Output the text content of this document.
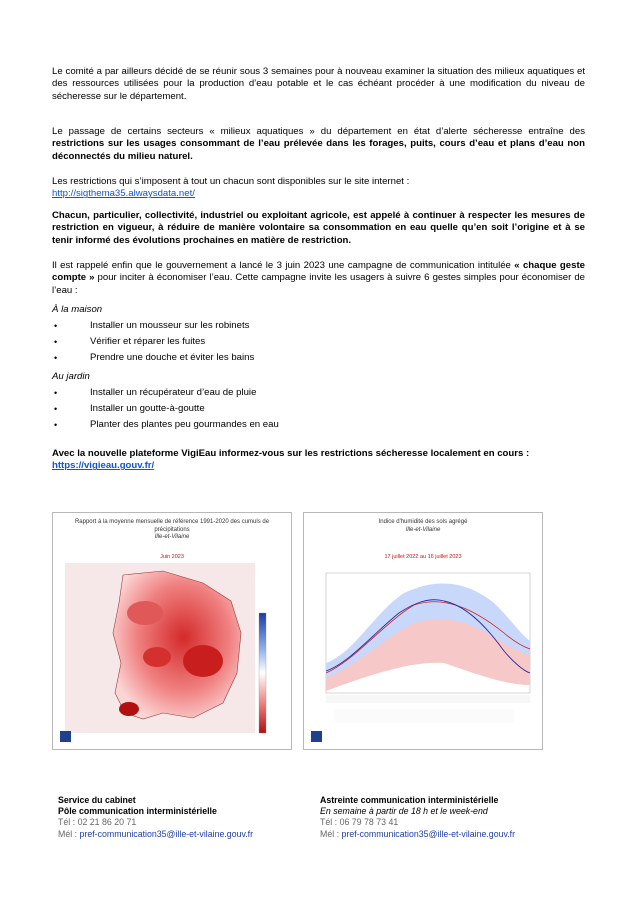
Le comité a par ailleurs décidé de se réunir sous 3 semaines pour à nouveau examiner la situation des milieux aquatiques et des ressources utilisées pour la production d’eau potable et le cas échéant procéder à une modification du niveau de sécheresse sur le département.

Le passage de certains secteurs « milieux aquatiques » du département en état d’alerte sécheresse entraîne des restrictions sur les usages consommant de l’eau prélevée dans les forages, puits, cours d’eau et plans d’eau non déconnectés du milieu naturel.

Les restrictions qui s’imposent à tout un chacun sont disponibles sur le site internet :
http://sigthema35.alwaysdata.net/

Chacun, particulier, collectivité, industriel ou exploitant agricole, est appelé à continuer à respecter les mesures de restriction en vigueur, à réduire de manière volontaire sa consommation en eau quelle qu’en soit l’origine et à se tenir informé des évolutions prochaines en matière de restriction.

Il est rappelé enfin que le gouvernement a lancé le 3 juin 2023 une campagne de communication intitulée « chaque geste compte » pour inciter à économiser l’eau. Cette campagne invite les usagers à suivre 6 gestes simples pour économiser de l’eau :

À la maison
•	Installer un mousseur sur les robinets
•	Vérifier et réparer les fuites
•	Prendre une douche et éviter les bains
Au jardin
•	Installer un récupérateur d’eau de pluie
•	Installer un goutte-à-goutte
•	Planter des plantes peu gourmandes en eau
Avec la nouvelle plateforme VigiEau informez-vous sur les restrictions sécheresse localement en cours :
https://vigieau.gouv.fr/
Rapport à la moyenne mensuelle de référence 1991-2020 des cumuls de précipitations
Ille-et-Vilaine
Juin 2023
Indice d'humidité des sols agrégé
Ille-et-Vilaine
17 juillet 2022 au 16 juillet 2023
Service du cabinet
Pôle communication interministérielle
Tél : 02 21 86 20 71
Mél : pref-communication35@ille-et-vilaine.gouv.fr
Astreinte communication interministérielle
En semaine à partir de 18 h et le week-end
Tél : 06 79 78 73 41
Mél : pref-communication35@ille-et-vilaine.gouv.fr
